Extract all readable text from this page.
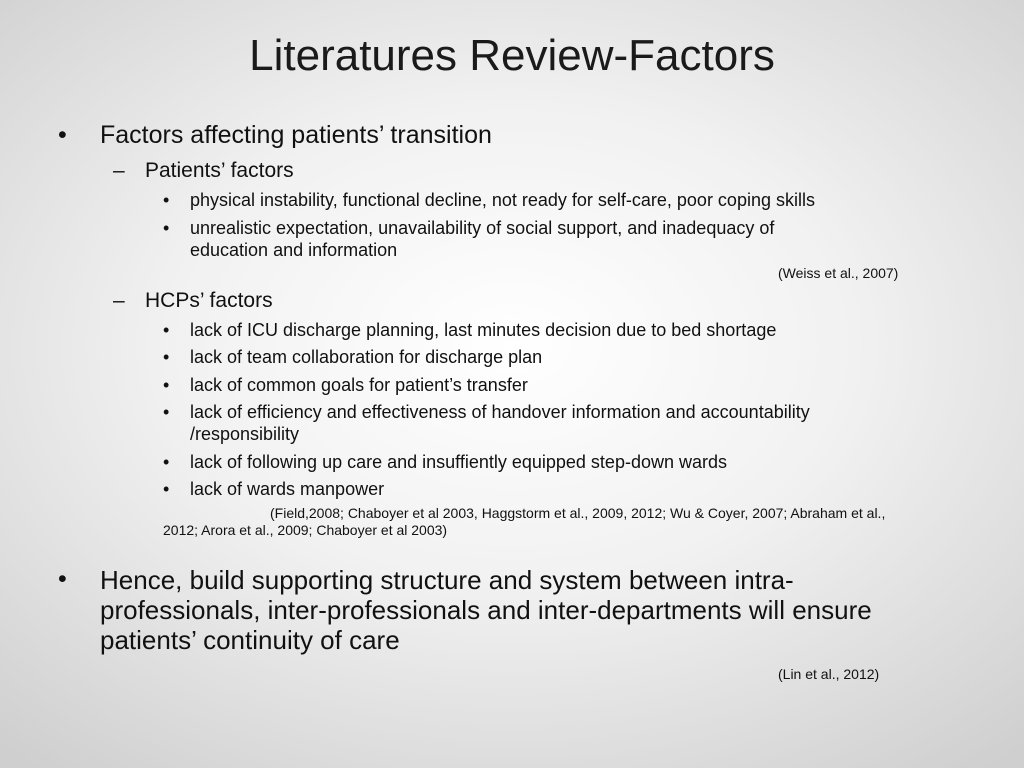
Literatures Review-Factors
• Factors affecting patients’ transition
– Patients’ factors
• physical instability, functional decline, not ready for self-care, poor coping skills
• unrealistic expectation, unavailability of social support, and inadequacy of
education and information
(Weiss et al., 2007)
– HCPs’ factors
• lack of ICU discharge planning, last minutes decision due to bed shortage
• lack of team collaboration for discharge plan
• lack of common goals for patient’s transfer
• lack of efficiency and effectiveness of handover information and accountability
/responsibility
• lack of following up care and insuffiently equipped step-down wards
• lack of wards manpower
(Field,2008; Chaboyer et al 2003, Haggstorm et al., 2009, 2012; Wu & Coyer, 2007; Abraham et al.,
2012; Arora et al., 2009; Chaboyer et al 2003)
• Hence, build supporting structure and system between intra-
professionals, inter-professionals and inter-departments will ensure
patients’ continuity of care
(Lin et al., 2012)
